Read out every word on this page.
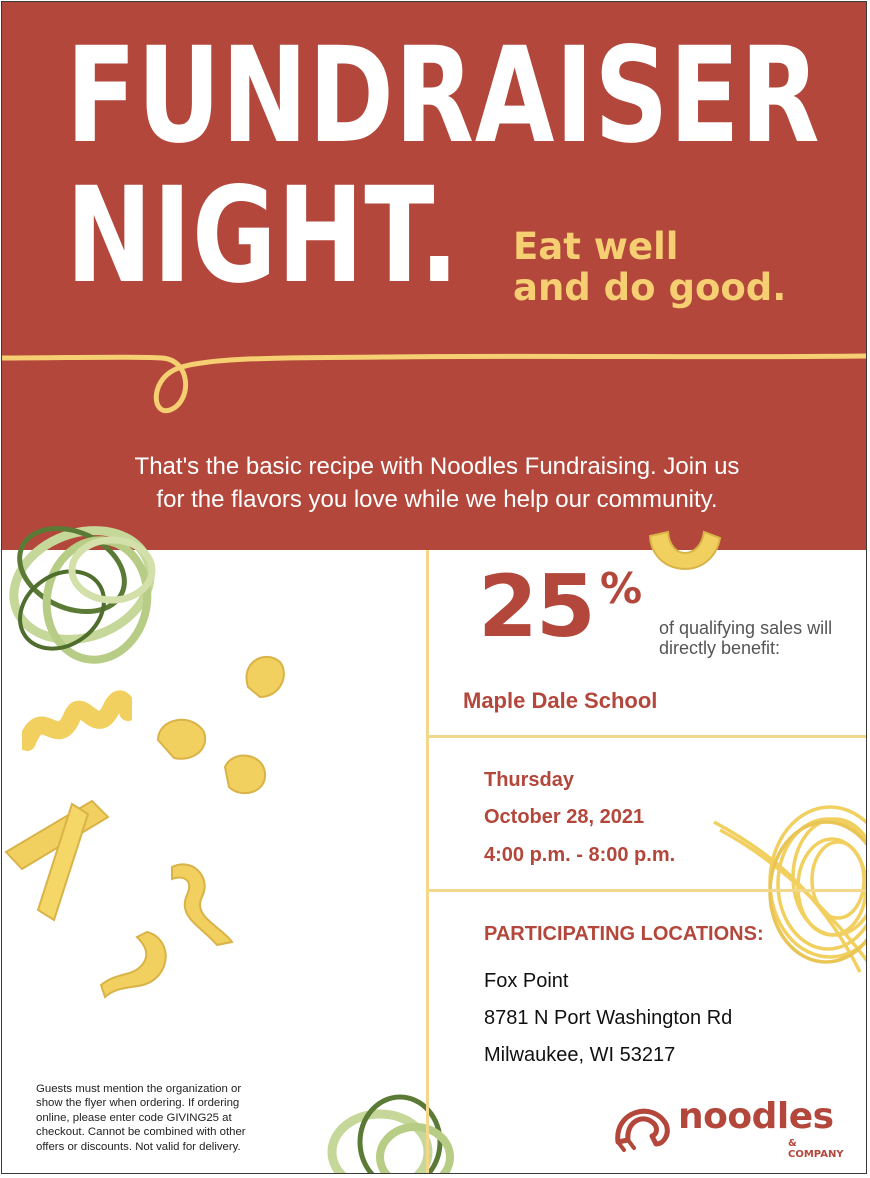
FUNDRAISER
NIGHT. Eat well
and do good.
That's the basic recipe with Noodles Fundraising. Join us
for the flavors you love while we help our community.
25 %
of qualifying sales will
directly benefit:
Maple Dale School
Thursday
October 28, 2021
4:00 p.m. - 8:00 p.m.
PARTICIPATING LOCATIONS:
Fox Point
8781 N Port Washington Rd
Milwaukee, WI 53217
Guests must mention the organization or
show the flyer when ordering. If ordering
online, please enter code GIVING25 at
checkout. Cannot be combined with other
offers or discounts. Not valid for delivery.
noodles
& COMPANY
